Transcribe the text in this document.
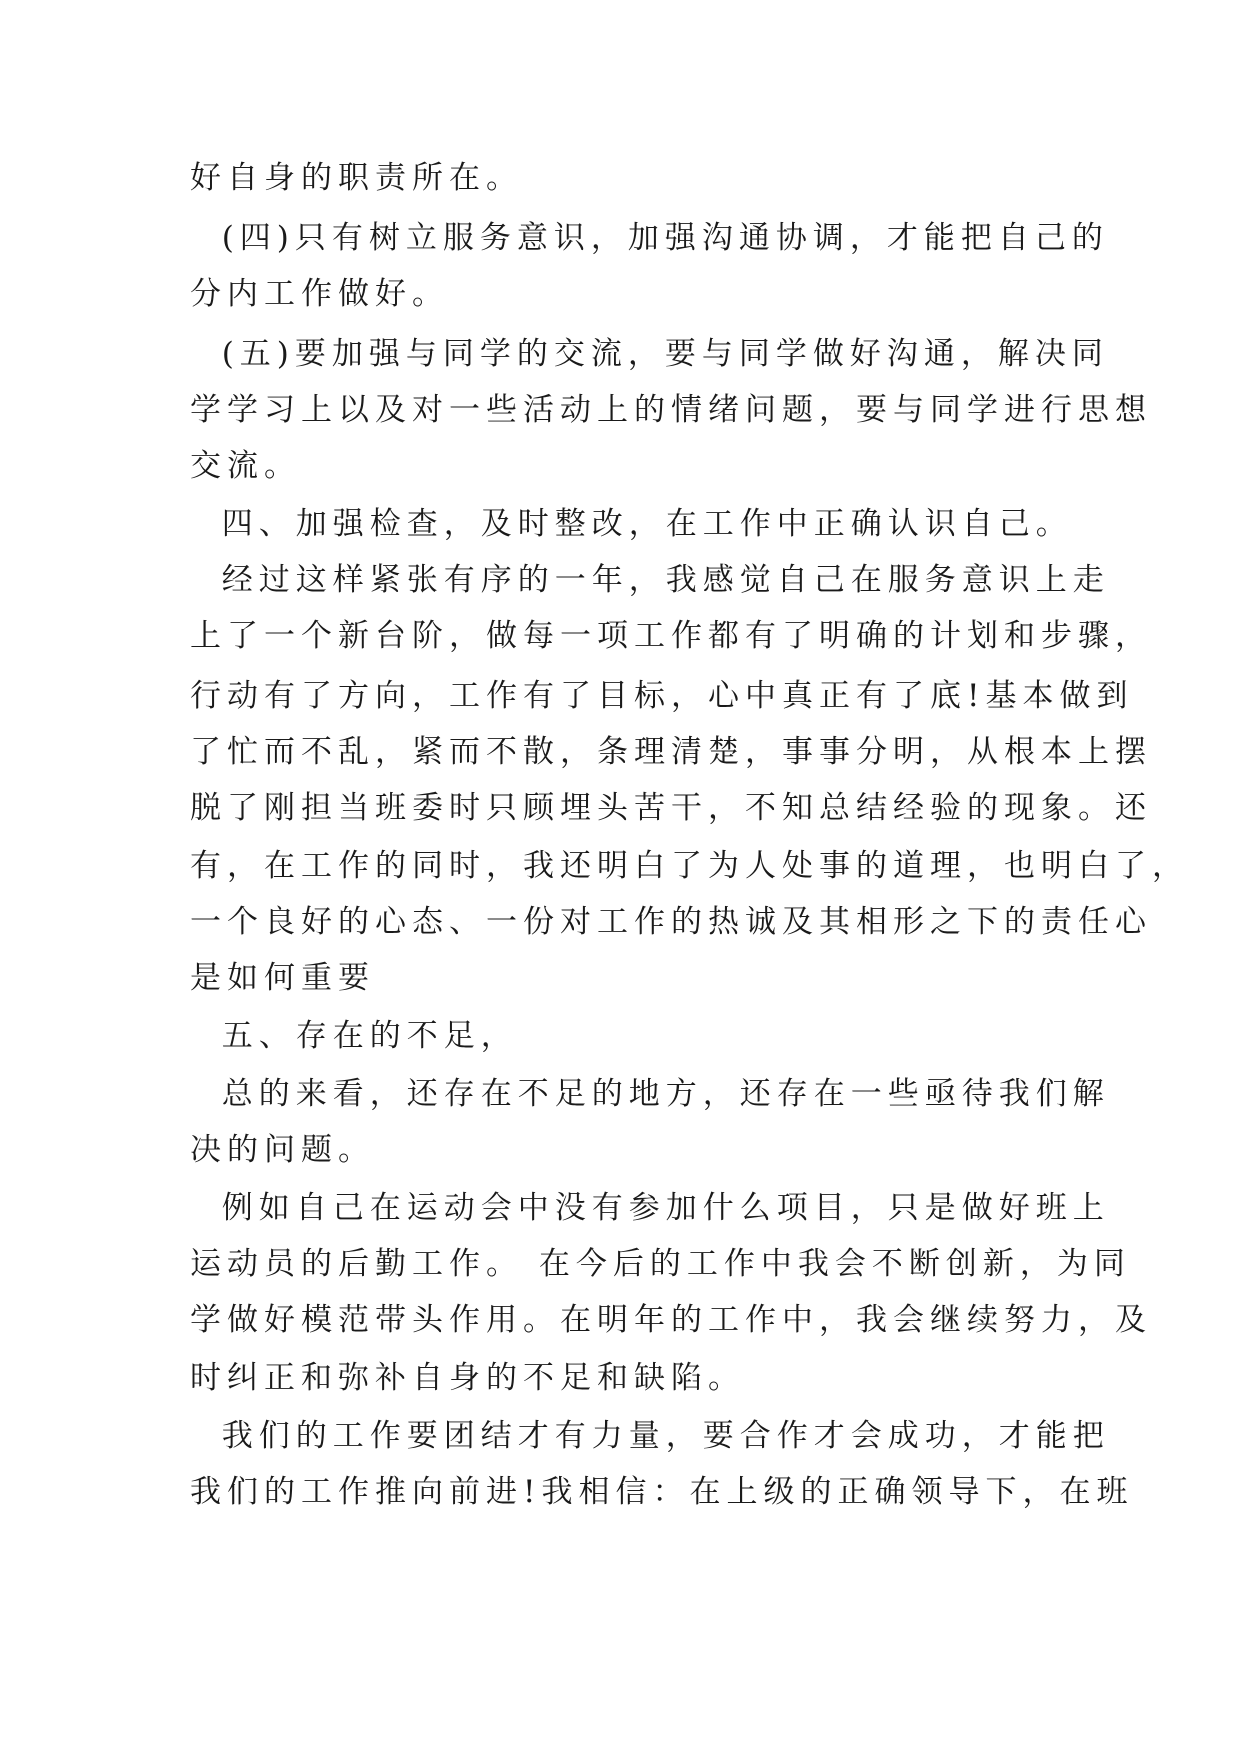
好自身的职责所在。
(四)只有树立服务意识，加强沟通协调，才能把自己的
分内工作做好。
(五)要加强与同学的交流，要与同学做好沟通，解决同
学学习上以及对一些活动上的情绪问题，要与同学进行思想
交流。
四、加强检查，及时整改，在工作中正确认识自己。
经过这样紧张有序的一年，我感觉自己在服务意识上走
上了一个新台阶，做每一项工作都有了明确的计划和步骤，
行动有了方向，工作有了目标，心中真正有了底!基本做到
了忙而不乱，紧而不散，条理清楚，事事分明，从根本上摆
脱了刚担当班委时只顾埋头苦干，不知总结经验的现象。还
有，在工作的同时，我还明白了为人处事的道理，也明白了，
一个良好的心态、一份对工作的热诚及其相形之下的责任心
是如何重要
五、存在的不足，
总的来看，还存在不足的地方，还存在一些亟待我们解
决的问题。
例如自己在运动会中没有参加什么项目，只是做好班上
运动员的后勤工作。 在今后的工作中我会不断创新，为同
学做好模范带头作用。在明年的工作中，我会继续努力，及
时纠正和弥补自身的不足和缺陷。
我们的工作要团结才有力量，要合作才会成功，才能把
我们的工作推向前进!我相信：在上级的正确领导下，在班
